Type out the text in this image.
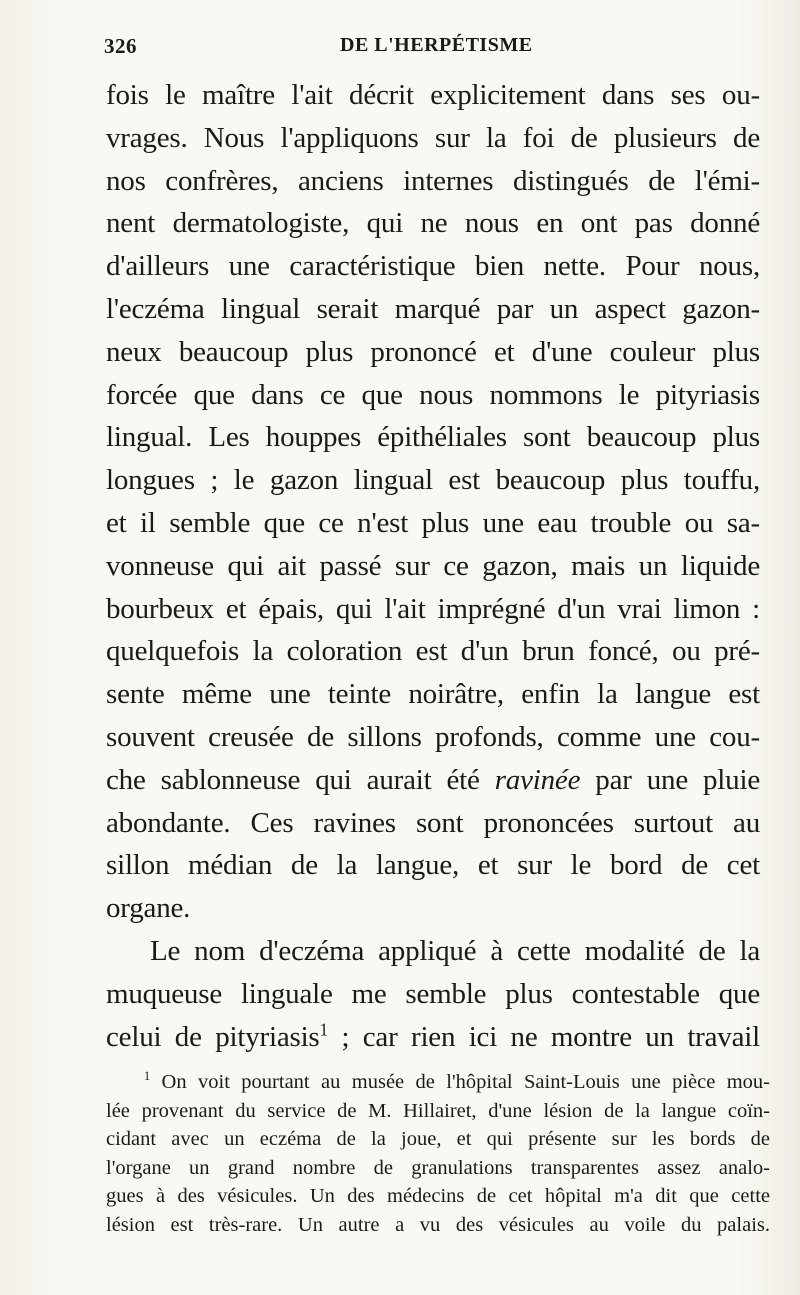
326	DE L'HERPÉTISME
fois le maître l'ait décrit explicitement dans ses ou-
vrages. Nous l'appliquons sur la foi de plusieurs de
nos confrères, anciens internes distingués de l'émi-
nent dermatologiste, qui ne nous en ont pas donné
d'ailleurs une caractéristique bien nette. Pour nous,
l'eczéma lingual serait marqué par un aspect gazon-
neux beaucoup plus prononcé et d'une couleur plus
forcée que dans ce que nous nommons le pityriasis
lingual. Les houppes épithéliales sont beaucoup plus
longues ; le gazon lingual est beaucoup plus touffu,
et il semble que ce n'est plus une eau trouble ou sa-
vonneuse qui ait passé sur ce gazon, mais un liquide
bourbeux et épais, qui l'ait imprégné d'un vrai limon :
quelquefois la coloration est d'un brun foncé, ou pré-
sente même une teinte noirâtre, enfin la langue est
souvent creusée de sillons profonds, comme une cou-
che sablonneuse qui aurait été ravinée par une pluie
abondante. Ces ravines sont prononcées surtout au
sillon médian de la langue, et sur le bord de cet
organe.
Le nom d'eczéma appliqué à cette modalité de la
muqueuse linguale me semble plus contestable que
celui de pityriasis$^1$ ; car rien ici ne montre un travail
$^1$ On voit pourtant au musée de l'hôpital Saint-Louis une pièce mou-
lée provenant du service de M. Hillairet, d'une lésion de la langue coïn-
cidant avec un eczéma de la joue, et qui présente sur les bords de
l'organe un grand nombre de granulations transparentes assez analo-
gues à des vésicules. Un des médecins de cet hôpital m'a dit que cette
lésion est très-rare. Un autre a vu des vésicules au voile du palais.
